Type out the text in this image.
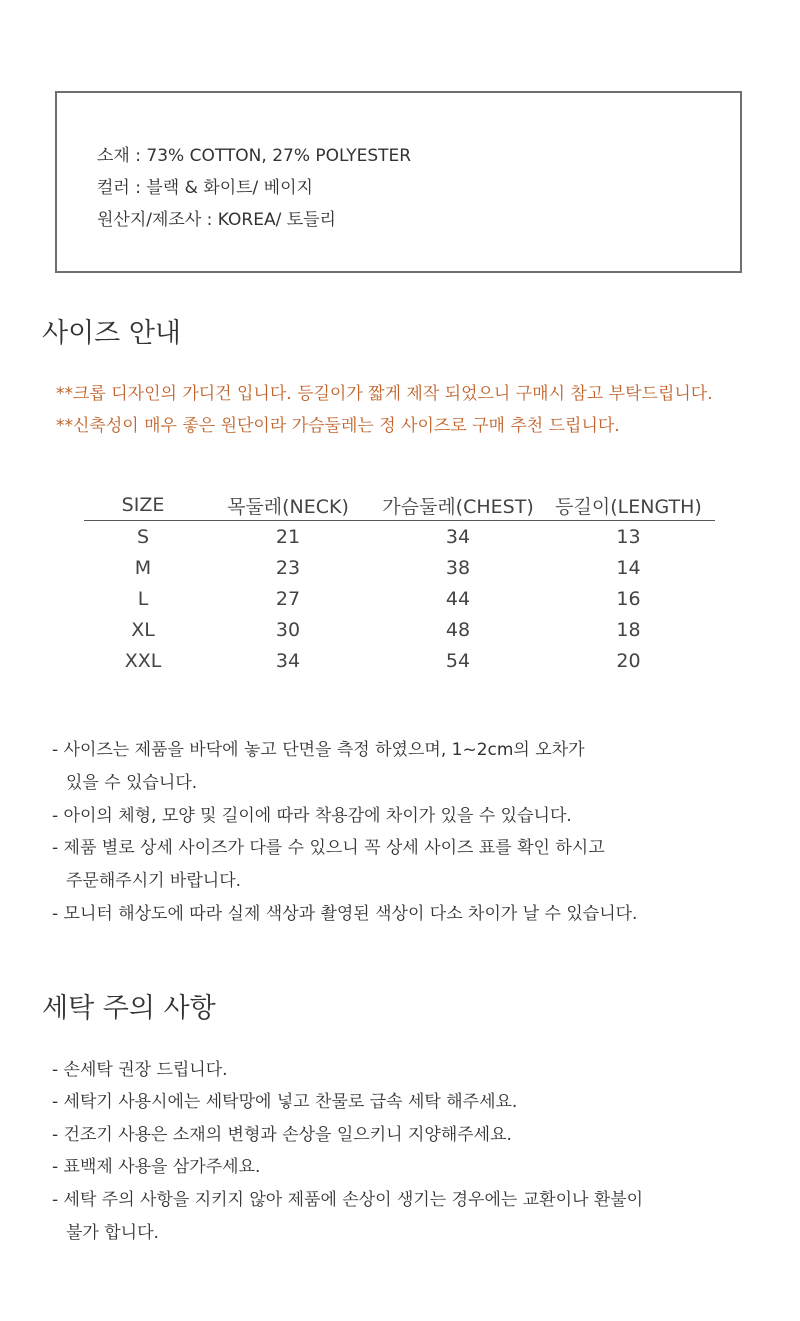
소재 : 73% COTTON, 27% POLYESTER
컬러 : 블랙 & 화이트/ 베이지
원산지/제조사 : KOREA/ 토들리
사이즈 안내
**크롭 디자인의 가디건 입니다. 등길이가 짧게 제작 되었으니 구매시 참고 부탁드립니다.
**신축성이 매우 좋은 원단이라 가슴둘레는 정 사이즈로 구매 추천 드립니다.
SIZE	목둘레(NECK)	가슴둘레(CHEST)	등길이(LENGTH)
S	21	34	13
M	23	38	14
L	27	44	16
XL	30	48	18
XXL	34	54	20
- 사이즈는 제품을 바닥에 놓고 단면을 측정 하였으며, 1~2cm의 오차가
있을 수 있습니다.
- 아이의 체형, 모양 및 길이에 따라 착용감에 차이가 있을 수 있습니다.
- 제품 별로 상세 사이즈가 다를 수 있으니 꼭 상세 사이즈 표를 확인 하시고
주문해주시기 바랍니다.
- 모니터 해상도에 따라 실제 색상과 촬영된 색상이 다소 차이가 날 수 있습니다.
세탁 주의 사항
- 손세탁 권장 드립니다.
- 세탁기 사용시에는 세탁망에 넣고 찬물로 급속 세탁 해주세요.
- 건조기 사용은 소재의 변형과 손상을 일으키니 지양해주세요.
- 표백제 사용을 삼가주세요.
- 세탁 주의 사항을 지키지 않아 제품에 손상이 생기는 경우에는 교환이나 환불이
불가 합니다.
